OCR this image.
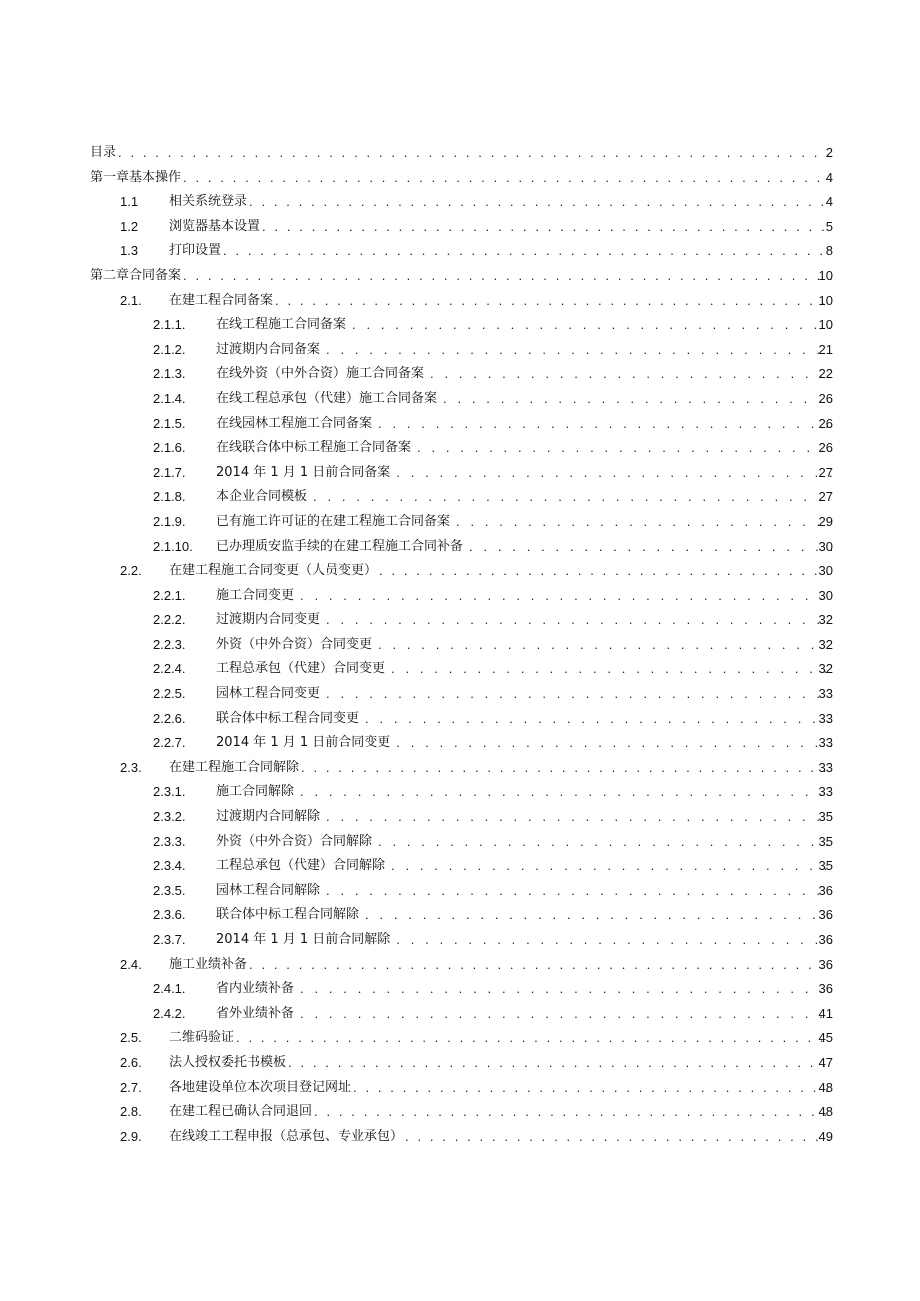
目录 . . .	2
第一章基本操作 . . .	4
1.1 相关系统登录 . . .	4
1.2 浏览器基本设置 . . .	5
1.3 打印设置 . . .	8
第二章合同备案 . . .	10
2.1. 在建工程合同备案 . . .	10
2.1.1. 在线工程施工合同备案 . . .	10
2.1.2. 过渡期内合同备案 . . .	21
2.1.3. 在线外资（中外合资）施工合同备案 . . .	22
2.1.4. 在线工程总承包（代建）施工合同备案 . . .	26
2.1.5. 在线园林工程施工合同备案 . . .	26
2.1.6. 在线联合体中标工程施工合同备案 . . .	26
2.1.7. 2014 年 1 月 1 日前合同备案 . . .	27
2.1.8. 本企业合同模板 . . .	27
2.1.9. 已有施工许可证的在建工程施工合同备案 . . .	29
2.1.10. 已办理质安监手续的在建工程施工合同补备 . . .	30
2.2. 在建工程施工合同变更（人员变更） . . .	30
2.2.1. 施工合同变更 . . .	30
2.2.2. 过渡期内合同变更 . . .	32
2.2.3. 外资（中外合资）合同变更 . . .	32
2.2.4. 工程总承包（代建）合同变更 . . .	32
2.2.5. 园林工程合同变更 . . .	33
2.2.6. 联合体中标工程合同变更 . . .	33
2.2.7. 2014 年 1 月 1 日前合同变更 . . .	33
2.3. 在建工程施工合同解除 . . .	33
2.3.1. 施工合同解除 . . .	33
2.3.2. 过渡期内合同解除 . . .	35
2.3.3. 外资（中外合资）合同解除 . . .	35
2.3.4. 工程总承包（代建）合同解除 . . .	35
2.3.5. 园林工程合同解除 . . .	36
2.3.6. 联合体中标工程合同解除 . . .	36
2.3.7. 2014 年 1 月 1 日前合同解除 . . .	36
2.4. 施工业绩补备 . . .	36
2.4.1. 省内业绩补备 . . .	36
2.4.2. 省外业绩补备 . . .	41
2.5. 二维码验证 . . .	45
2.6. 法人授权委托书模板 . . .	47
2.7. 各地建设单位本次项目登记网址 . . .	48
2.8. 在建工程已确认合同退回 . . .	48
2.9. 在线竣工工程申报（总承包、专业承包） . . .	49
